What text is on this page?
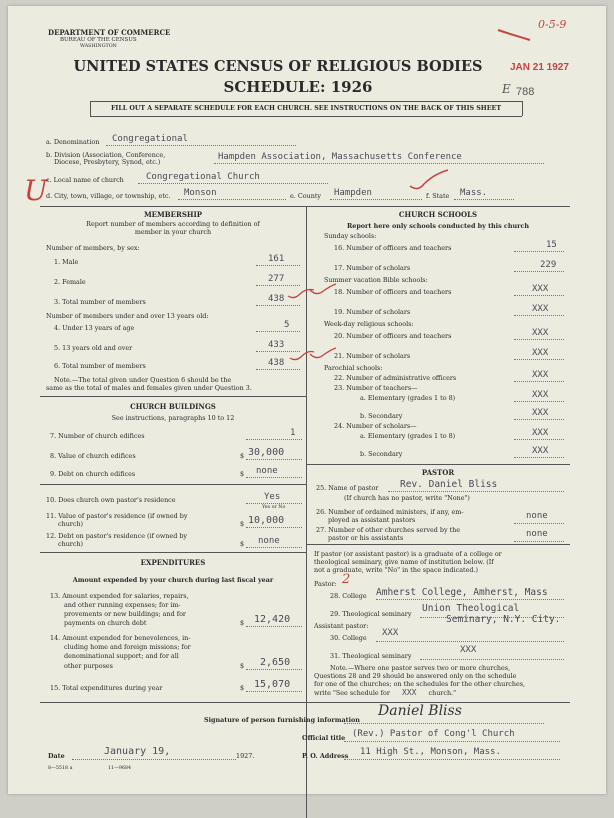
DEPARTMENT OF COMMERCE
BUREAU OF THE CENSUS
WASHINGTON
UNITED STATES CENSUS OF RELIGIOUS BODIES
SCHEDULE: 1926
JAN 21 1927
0-5-9
E 788
FILL OUT A SEPARATE SCHEDULE FOR EACH CHURCH. SEE INSTRUCTIONS ON THE BACK OF THIS SHEET
U
a. Denomination Congregational
b. Division (Association, Conference,
Diocese, Presbytery, Synod, etc.)	Hampden Association, Massachusetts Conference
c. Local name of church Congregational Church
d. City, town, village, or township, etc. Monson	e. County Hampden	f. State Mass.
MEMBERSHIP
Report number of members according to definition of
member in your church
Number of members, by sex:
1. Male	161
2. Female	277
3. Total number of members	438
Number of members under and over 13 years old:
4. Under 13 years of age	5
5. 13 years old and over	433
6. Total number of members	438
Note.—The total given under Question 6 should be the
same as the total of males and females given under Question 3.
CHURCH BUILDINGS
See instructions, paragraphs 10 to 12
7. Number of church edifices	1
8. Value of church edifices	$ 30,000
9. Debt on church edifices	$ none
10. Does church own pastor's residence	Yes
Yes or No
11. Value of pastor's residence (if owned by
church)	$ 10,000
12. Debt on pastor's residence (if owned by
church)	$ none
EXPENDITURES
Amount expended by your church during last fiscal year
13. Amount expended for salaries, repairs,
and other running expenses; for im-
provements or new buildings; and for
payments on church debt	$ 12,420
14. Amount expended for benevolences, in-
cluding home and foreign missions; for
denominational support; and for all
other purposes	$ 2,650
15. Total expenditures during year	$ 15,070
CHURCH SCHOOLS
Report here only schools conducted by this church
Sunday schools:
16. Number of officers and teachers	15
17. Number of scholars	229
Summer vacation Bible schools:
18. Number of officers and teachers	XXX
19. Number of scholars	XXX
Week-day religious schools:
20. Number of officers and teachers	XXX
21. Number of scholars	XXX
Parochial schools:
22. Number of administrative officers	XXX
23. Number of teachers—
a. Elementary (grades 1 to 8)	XXX
b. Secondary	XXX
24. Number of scholars—
a. Elementary (grades 1 to 8)	XXX
b. Secondary	XXX
PASTOR
25. Name of pastor Rev. Daniel Bliss
(If church has no pastor, write "None")
26. Number of ordained ministers, if any, em-
ployed as assistant pastors	none
27. Number of other churches served by the
pastor or his assistants	none
If pastor (or assistant pastor) is a graduate of a college or
theological seminary, give name of institution below. (If
not a graduate, write "No" in the space indicated.)
Pastor: 2
28. College Amherst College, Amherst, Mass
29. Theological seminary Union Theological
Seminary, N.Y. City.
Assistant pastor:
30. College XXX
31. Theological seminary
XXX
Note.—Where one pastor serves two or more churches,
Questions 28 and 29 should be answered only on the schedule
for one of the churches; on the schedules for the other churches,
write "See schedule for XXX church."
Signature of person furnishing information
Daniel Bliss
Official title (Rev.) Pastor of Cong'l Church
Date	January 19,	1927.	P. O. Address 11 High St., Monson, Mass.
8—5518 a	11—9684
